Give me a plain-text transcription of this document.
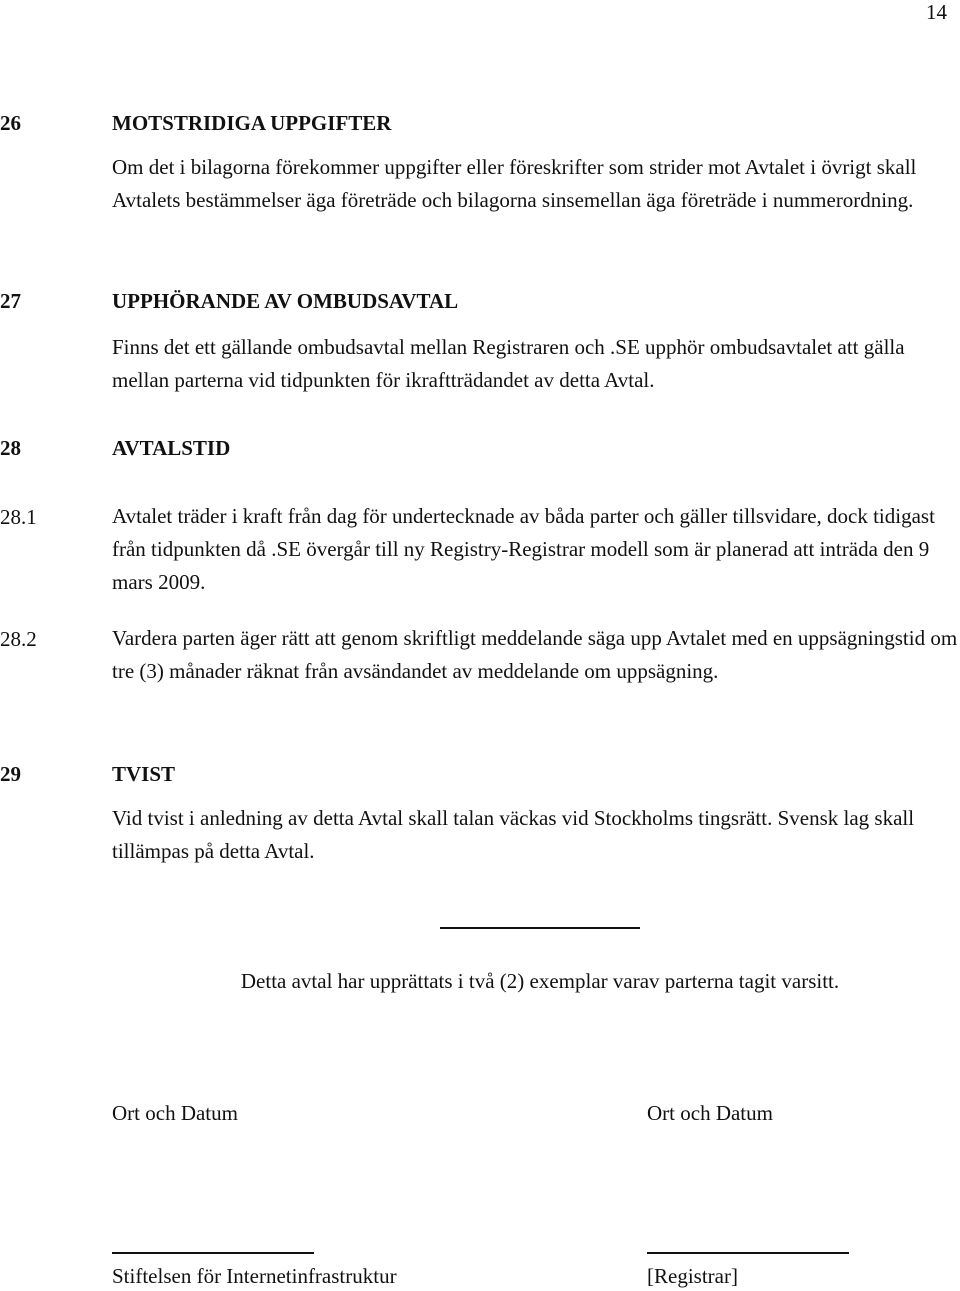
14
26	MOTSTRIDIGA UPPGIFTER

Om det i bilagorna förekommer uppgifter eller föreskrifter som strider mot Avtalet i övrigt skall Avtalets bestämmelser äga företräde och bilagorna sinsemellan äga företräde i nummerordning.

27	UPPHÖRANDE AV OMBUDSAVTAL

Finns det ett gällande ombudsavtal mellan Registraren och .SE upphör ombudsavtalet att gälla mellan parterna vid tidpunkten för ikraftträdandet av detta Avtal.

28	AVTALSTID
28.1	Avtalet träder i kraft från dag för undertecknade av båda parter och gäller tillsvidare, dock tidigast från tidpunkten då .SE övergår till ny Registry-Registrar modell som är planerad att inträda den 9 mars 2009.

28.2	Vardera parten äger rätt att genom skriftligt meddelande säga upp Avtalet med en uppsägningstid om tre (3) månader räknat från avsändandet av meddelande om uppsägning.

29	TVIST

Vid tvist i anledning av detta Avtal skall talan väckas vid Stockholms tingsrätt. Svensk lag skall tillämpas på detta Avtal.

Detta avtal har upprättats i två (2) exemplar varav parterna tagit varsitt.
Ort och Datum	Ort och Datum
Stiftelsen för Internetinfrastruktur	[Registrar]
